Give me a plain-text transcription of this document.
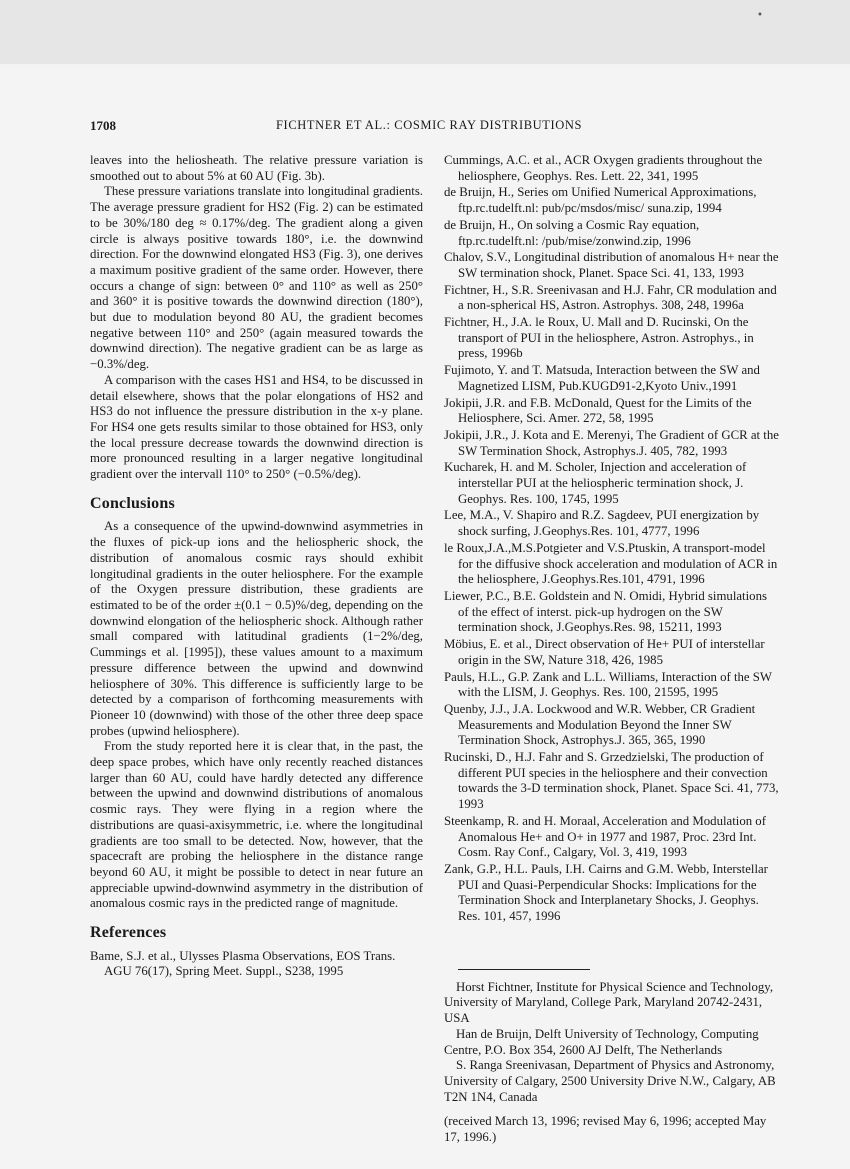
•
1708	FICHTNER ET AL.: COSMIC RAY DISTRIBUTIONS

leaves into the heliosheath. The relative pressure variation is smoothed out to about 5% at 60 AU (Fig. 3b).

These pressure variations translate into longitudinal gradients. The average pressure gradient for HS2 (Fig. 2) can be estimated to be 30%/180 deg ≈ 0.17%/deg. The gradient along a given circle is always positive towards 180°, i.e. the downwind direction. For the downwind elongated HS3 (Fig. 3), one derives a maximum positive gradient of the same order. However, there occurs a change of sign: between 0° and 110° as well as 250° and 360° it is positive towards the downwind direction (180°), but due to modulation beyond 80 AU, the gradient becomes negative between 110° and 250° (again measured towards the downwind direction). The negative gradient can be as large as −0.3%/deg.

A comparison with the cases HS1 and HS4, to be discussed in detail elsewhere, shows that the polar elongations of HS2 and HS3 do not influence the pressure distribution in the x-y plane. For HS4 one gets results similar to those obtained for HS3, only the local pressure decrease towards the downwind direction is more pronounced resulting in a larger negative longitudinal gradient over the intervall 110° to 250° (−0.5%/deg).

Conclusions

As a consequence of the upwind-downwind asymmetries in the fluxes of pick-up ions and the heliospheric shock, the distribution of anomalous cosmic rays should exhibit longitudinal gradients in the outer heliosphere. For the example of the Oxygen pressure distribution, these gradients are estimated to be of the order ±(0.1 − 0.5)%/deg, depending on the downwind elongation of the heliospheric shock. Although rather small compared with latitudinal gradients (1−2%/deg, Cummings et al. [1995]), these values amount to a maximum pressure difference between the upwind and downwind heliosphere of 30%. This difference is sufficiently large to be detected by a comparison of forthcoming measurements with Pioneer 10 (downwind) with those of the other three deep space probes (upwind heliosphere).

From the study reported here it is clear that, in the past, the deep space probes, which have only recently reached distances larger than 60 AU, could have hardly detected any difference between the upwind and downwind distributions of anomalous cosmic rays. They were flying in a region where the distributions are quasi-axisymmetric, i.e. where the longitudinal gradients are too small to be detected. Now, however, that the spacecraft are probing the heliosphere in the distance range beyond 60 AU, it might be possible to detect in near future an appreciable upwind-downwind asymmetry in the distribution of anomalous cosmic rays in the predicted range of magnitude.

References
Bame, S.J. et al., Ulysses Plasma Observations, EOS Trans. AGU 76(17), Spring Meet. Suppl., S238, 1995
Cummings, A.C. et al., ACR Oxygen gradients throughout the heliosphere, Geophys. Res. Lett. 22, 341, 1995
de Bruijn, H., Series om Unified Numerical Approximations, ftp.rc.tudelft.nl: pub/pc/msdos/misc/ suna.zip, 1994
de Bruijn, H., On solving a Cosmic Ray equation, ftp.rc.tudelft.nl: /pub/mise/zonwind.zip, 1996
Chalov, S.V., Longitudinal distribution of anomalous H+ near the SW termination shock, Planet. Space Sci. 41, 133, 1993
Fichtner, H., S.R. Sreenivasan and H.J. Fahr, CR modulation and a non-spherical HS, Astron. Astrophys. 308, 248, 1996a
Fichtner, H., J.A. le Roux, U. Mall and D. Rucinski, On the transport of PUI in the heliosphere, Astron. Astrophys., in press, 1996b
Fujimoto, Y. and T. Matsuda, Interaction between the SW and Magnetized LISM, Pub.KUGD91-2,Kyoto Univ.,1991
Jokipii, J.R. and F.B. McDonald, Quest for the Limits of the Heliosphere, Sci. Amer. 272, 58, 1995
Jokipii, J.R., J. Kota and E. Merenyi, The Gradient of GCR at the SW Termination Shock, Astrophys.J. 405, 782, 1993
Kucharek, H. and M. Scholer, Injection and acceleration of interstellar PUI at the heliospheric termination shock, J. Geophys. Res. 100, 1745, 1995
Lee, M.A., V. Shapiro and R.Z. Sagdeev, PUI energization by shock surfing, J.Geophys.Res. 101, 4777, 1996
le Roux,J.A.,M.S.Potgieter and V.S.Ptuskin, A transport-model for the diffusive shock acceleration and modulation of ACR in the heliosphere, J.Geophys.Res.101, 4791, 1996
Liewer, P.C., B.E. Goldstein and N. Omidi, Hybrid simulations of the effect of interst. pick-up hydrogen on the SW termination shock, J.Geophys.Res. 98, 15211, 1993
Möbius, E. et al., Direct observation of He+ PUI of interstellar origin in the SW, Nature 318, 426, 1985
Pauls, H.L., G.P. Zank and L.L. Williams, Interaction of the SW with the LISM, J. Geophys. Res. 100, 21595, 1995
Quenby, J.J., J.A. Lockwood and W.R. Webber, CR Gradient Measurements and Modulation Beyond the Inner SW Termination Shock, Astrophys.J. 365, 365, 1990
Rucinski, D., H.J. Fahr and S. Grzedzielski, The production of different PUI species in the heliosphere and their convection towards the 3-D termination shock, Planet. Space Sci. 41, 773, 1993
Steenkamp, R. and H. Moraal, Acceleration and Modulation of Anomalous He+ and O+ in 1977 and 1987, Proc. 23rd Int. Cosm. Ray Conf., Calgary, Vol. 3, 419, 1993
Zank, G.P., H.L. Pauls, I.H. Cairns and G.M. Webb, Interstellar PUI and Quasi-Perpendicular Shocks: Implications for the Termination Shock and Interplanetary Shocks, J. Geophys. Res. 101, 457, 1996

Horst Fichtner, Institute for Physical Science and Technology, University of Maryland, College Park, Maryland 20742-2431, USA

Han de Bruijn, Delft University of Technology, Computing Centre, P.O. Box 354, 2600 AJ Delft, The Netherlands

S. Ranga Sreenivasan, Department of Physics and Astronomy, University of Calgary, 2500 University Drive N.W., Calgary, AB T2N 1N4, Canada

(received March 13, 1996; revised May 6, 1996; accepted May 17, 1996.)
